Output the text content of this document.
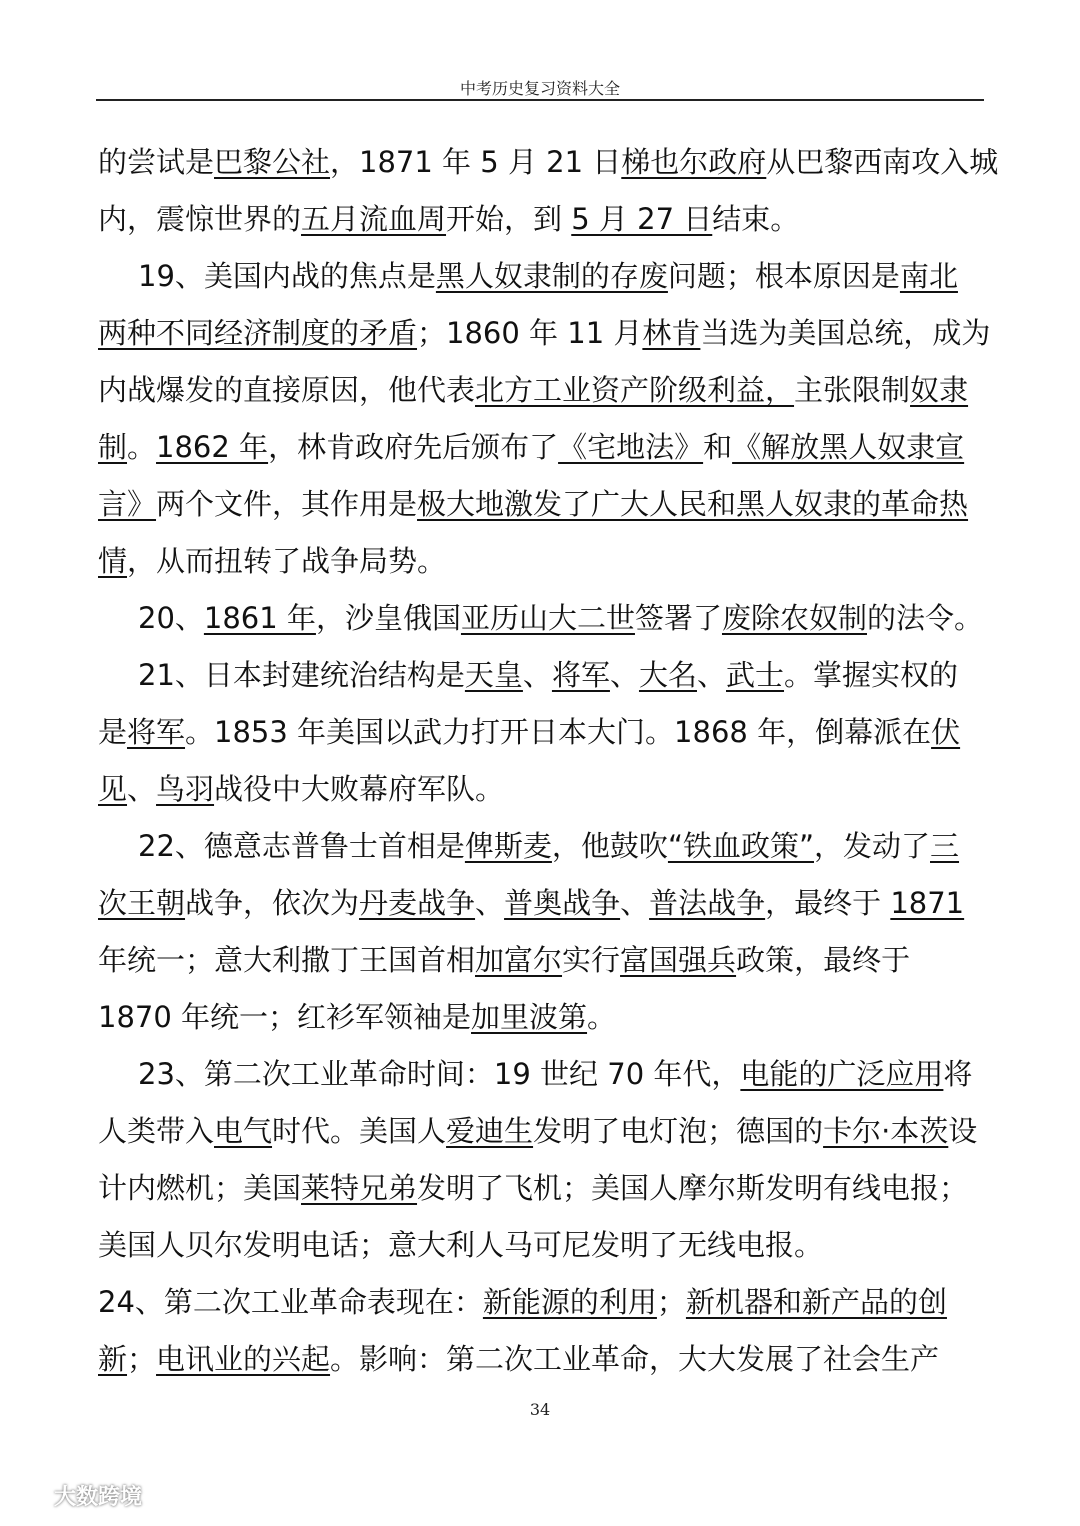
中考历史复习资料大全
的尝试是巴黎公社，1871 年 5 月 21 日梯也尔政府从巴黎西南攻入城
内，震惊世界的五月流血周开始，到 5 月 27 日结束。
19、美国内战的焦点是黑人奴隶制的存废问题；根本原因是南北
两种不同经济制度的矛盾；1860 年 11 月林肯当选为美国总统，成为
内战爆发的直接原因，他代表北方工业资产阶级利益，主张限制奴隶
制。1862 年，林肯政府先后颁布了《宅地法》和《解放黑人奴隶宣
言》两个文件，其作用是极大地激发了广大人民和黑人奴隶的革命热
情，从而扭转了战争局势。
20、1861 年，沙皇俄国亚历山大二世签署了废除农奴制的法令。
21、日本封建统治结构是天皇、将军、大名、武士。掌握实权的
是将军。1853 年美国以武力打开日本大门。1868 年，倒幕派在伏
见、鸟羽战役中大败幕府军队。
22、德意志普鲁士首相是俾斯麦，他鼓吹“铁血政策”，发动了三
次王朝战争，依次为丹麦战争、普奥战争、普法战争，最终于 1871
年统一；意大利撒丁王国首相加富尔实行富国强兵政策，最终于
1870 年统一；红衫军领袖是加里波第。
23、第二次工业革命时间：19 世纪 70 年代，电能的广泛应用将
人类带入电气时代。美国人爱迪生发明了电灯泡；德国的卡尔·本茨设
计内燃机；美国莱特兄弟发明了飞机；美国人摩尔斯发明有线电报；
美国人贝尔发明电话；意大利人马可尼发明了无线电报。
24、第二次工业革命表现在：新能源的利用；新机器和新产品的创
新；电讯业的兴起。影响：第二次工业革命，大大发展了社会生产
34
大数跨境
